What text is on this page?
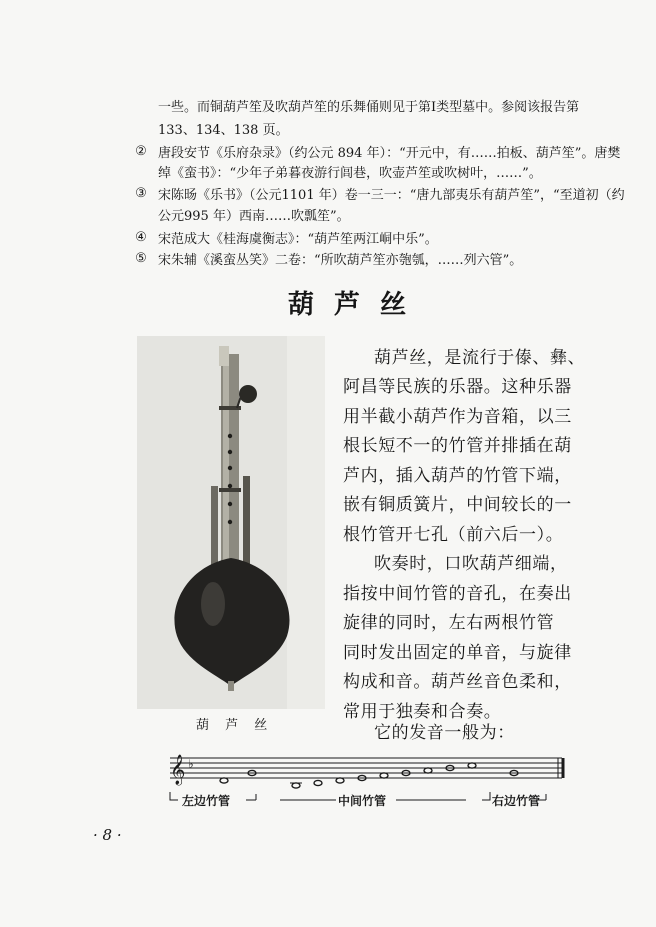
一些。而铜葫芦笙及吹葫芦笙的乐舞俑则见于第Ⅰ类型墓中。参阅该报告第
133、134、138 页。
② 唐段安节《乐府杂录》（约公元 894 年）：“开元中，有……拍板、葫芦笙”。唐樊
绰《蛮书》：“少年子弟暮夜游行闾巷，吹壶芦笙或吹树叶，……”。
③ 宋陈旸《乐书》（公元1101 年）卷一三一：“唐九部夷乐有葫芦笙”，“至道初（约
公元995 年）西南……吹瓢笙”。
④ 宋范成大《桂海虞衡志》：“葫芦笙两江峒中乐”。
⑤ 宋朱辅《溪蛮丛笑》二卷：“所吹葫芦笙亦匏瓠，……列六管”。
葫芦丝
葫 芦 丝
葫芦丝，是流行于傣、彝、
阿昌等民族的乐器。这种乐器
用半截小葫芦作为音箱，以三
根长短不一的竹管并排插在葫
芦内，插入葫芦的竹管下端，
嵌有铜质簧片，中间较长的一
根竹管开七孔（前六后一）。
吹奏时，口吹葫芦细端，
指按中间竹管的音孔，在奏出
旋律的同时，左右两根竹管
同时发出固定的单音，与旋律
构成和音。葫芦丝音色柔和，
常用于独奏和合奏。
它的发音一般为：
𝄞 ♭
左边竹管	中间竹管	右边竹管
· 8 ·
